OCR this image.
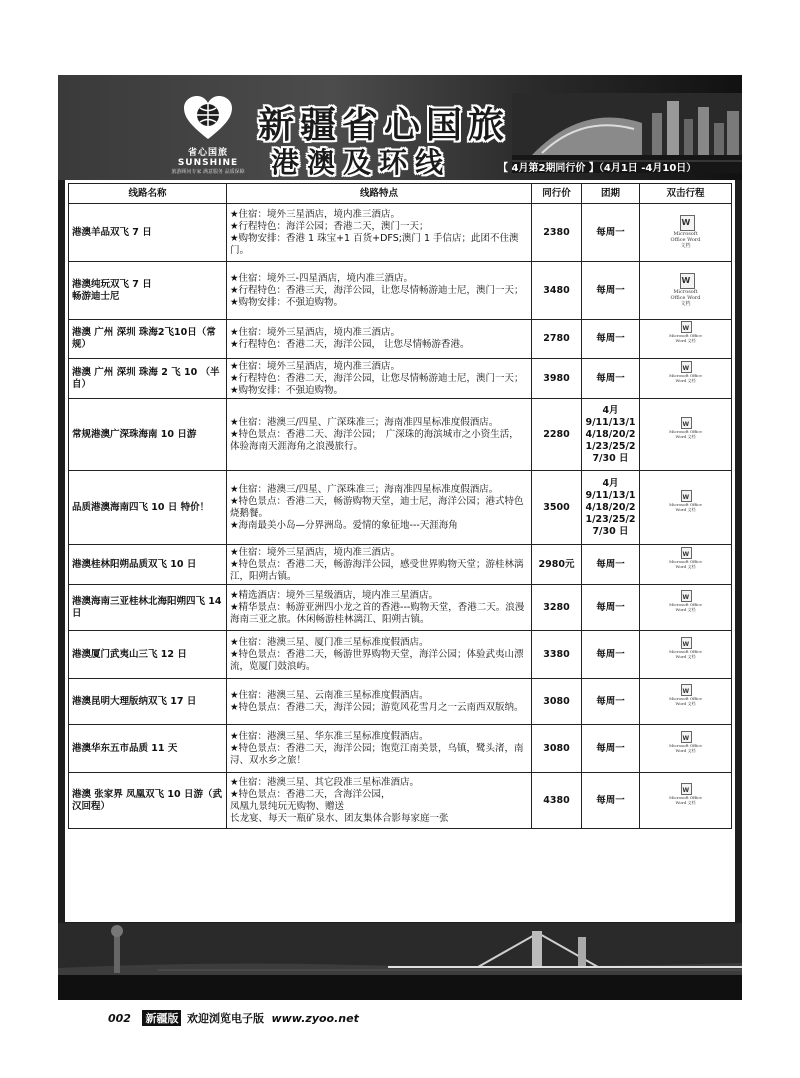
省心国旅
SUNSHINE
旅游顾问专家 满意服务 品质保障
新疆省心国旅
港澳及环线	【 4月第2期同行价 】（4月1日 -4月10日）
线路名称	线路特点	同行价	团期	双击行程
港澳羊品双飞 7 日	★住宿：境外三星酒店，境内准三酒店。
★行程特色：海洋公园；香港二天，澳门一天；
★购物安排：香港 1 珠宝+1 百货+DFS;澳门 1 手信店；此团不住澳门。	2380	每周一	
W
Microsoft Office Word 文档

港澳纯玩双飞 7 日
畅游迪士尼	★住宿：境外三-四星酒店，境内准三酒店。
★行程特色：香港三天，海洋公园，让您尽情畅游迪士尼，澳门一天；
★购物安排：不强迫购物。	3480	每周一	
W
Microsoft Office Word 文档

港澳 广州 深圳 珠海2飞10日（常规）	★住宿：境外三星酒店，境内准三酒店。
★行程特色：香港二天，海洋公园， 让您尽情畅游香港。	2780	每周一	
W
Microsoft Office Word 文档

港澳 广州 深圳 珠海 2 飞 10 （半自）	★住宿：境外三星酒店，境内准三酒店。
★行程特色：香港二天，海洋公园，让您尽情畅游迪士尼，澳门一天；　★购物安排：不强迫购物。	3980	每周一	
W
Microsoft Office Word 文档

常规港澳广深珠海南 10 日游	★住宿：港澳三/四星、广深珠准三；海南准四星标准度假酒店。
★特色景点：香港二天、海洋公园；　广深珠的海滨城市之小资生活，体验海南天涯海角之浪漫旅行。	2280	4月
9/11/13/1
4/18/20/2
1/23/25/2
7/30 日	
W
Microsoft Office Word 文档

品质港澳海南四飞 10 日 特价！	★住宿：港澳三/四星、广深珠准三；海南准四星标准度假酒店。
★特色景点：香港二天，畅游购物天堂，迪士尼，海洋公园；港式特色烧鹅餐。
★海南最美小岛—分界洲岛。爱情的象征地---天涯海角	3500	4月
9/11/13/1
4/18/20/2
1/23/25/2
7/30 日	
W
Microsoft Office Word 文档

港澳桂林阳朔品质双飞 10 日	★住宿：境外三星酒店，境内准三酒店。
★特色景点：香港二天，畅游海洋公园，感受世界购物天堂；游桂林漓江，阳朔古镇。	2980元	每周一	
W
Microsoft Office Word 文档

港澳海南三亚桂林北海阳朔四飞 14 日	★精选酒店：境外三星级酒店，境内准三星酒店。
★精华景点：畅游亚洲四小龙之首的香港---购物天堂，香港二天。浪漫海南三亚之旅。休闲畅游桂林漓江、阳朔古镇。	3280	每周一	
W
Microsoft Office Word 文档

港澳厦门武夷山三飞 12 日	★住宿：港澳三星、厦门准三星标准度假酒店。
★特色景点：香港二天，畅游世界购物天堂，海洋公园；体验武夷山漂流，览厦门鼓浪屿。	3380	每周一	
W
Microsoft Office Word 文档

港澳昆明大理版纳双飞 17 日	★住宿：港澳三星、云南准三星标准度假酒店。
★特色景点：香港二天，海洋公园；游览风花雪月之一云南西双版纳。	3080	每周一	
W
Microsoft Office Word 文档

港澳华东五市品质 11 天	★住宿：港澳三星、华东准三星标准度假酒店。
★特色景点：香港二天，海洋公园；饱览江南美景，乌镇，鹭头渚，南浔、双水乡之旅！	3080	每周一	
W
Microsoft Office Word 文档

港澳 张家界 凤凰双飞 10 日游（武汉回程）	★住宿：港澳三星、其它段准三星标准酒店。
★特色景点：香港二天，含海洋公园，
凤凰九景纯玩无购物、赠送
长龙宴、每天一瓶矿泉水、团友集体合影每家庭一张	4380	每周一	
W
Microsoft Office Word 文档
002 新疆版 欢迎浏览电子版 www.zyoo.net
